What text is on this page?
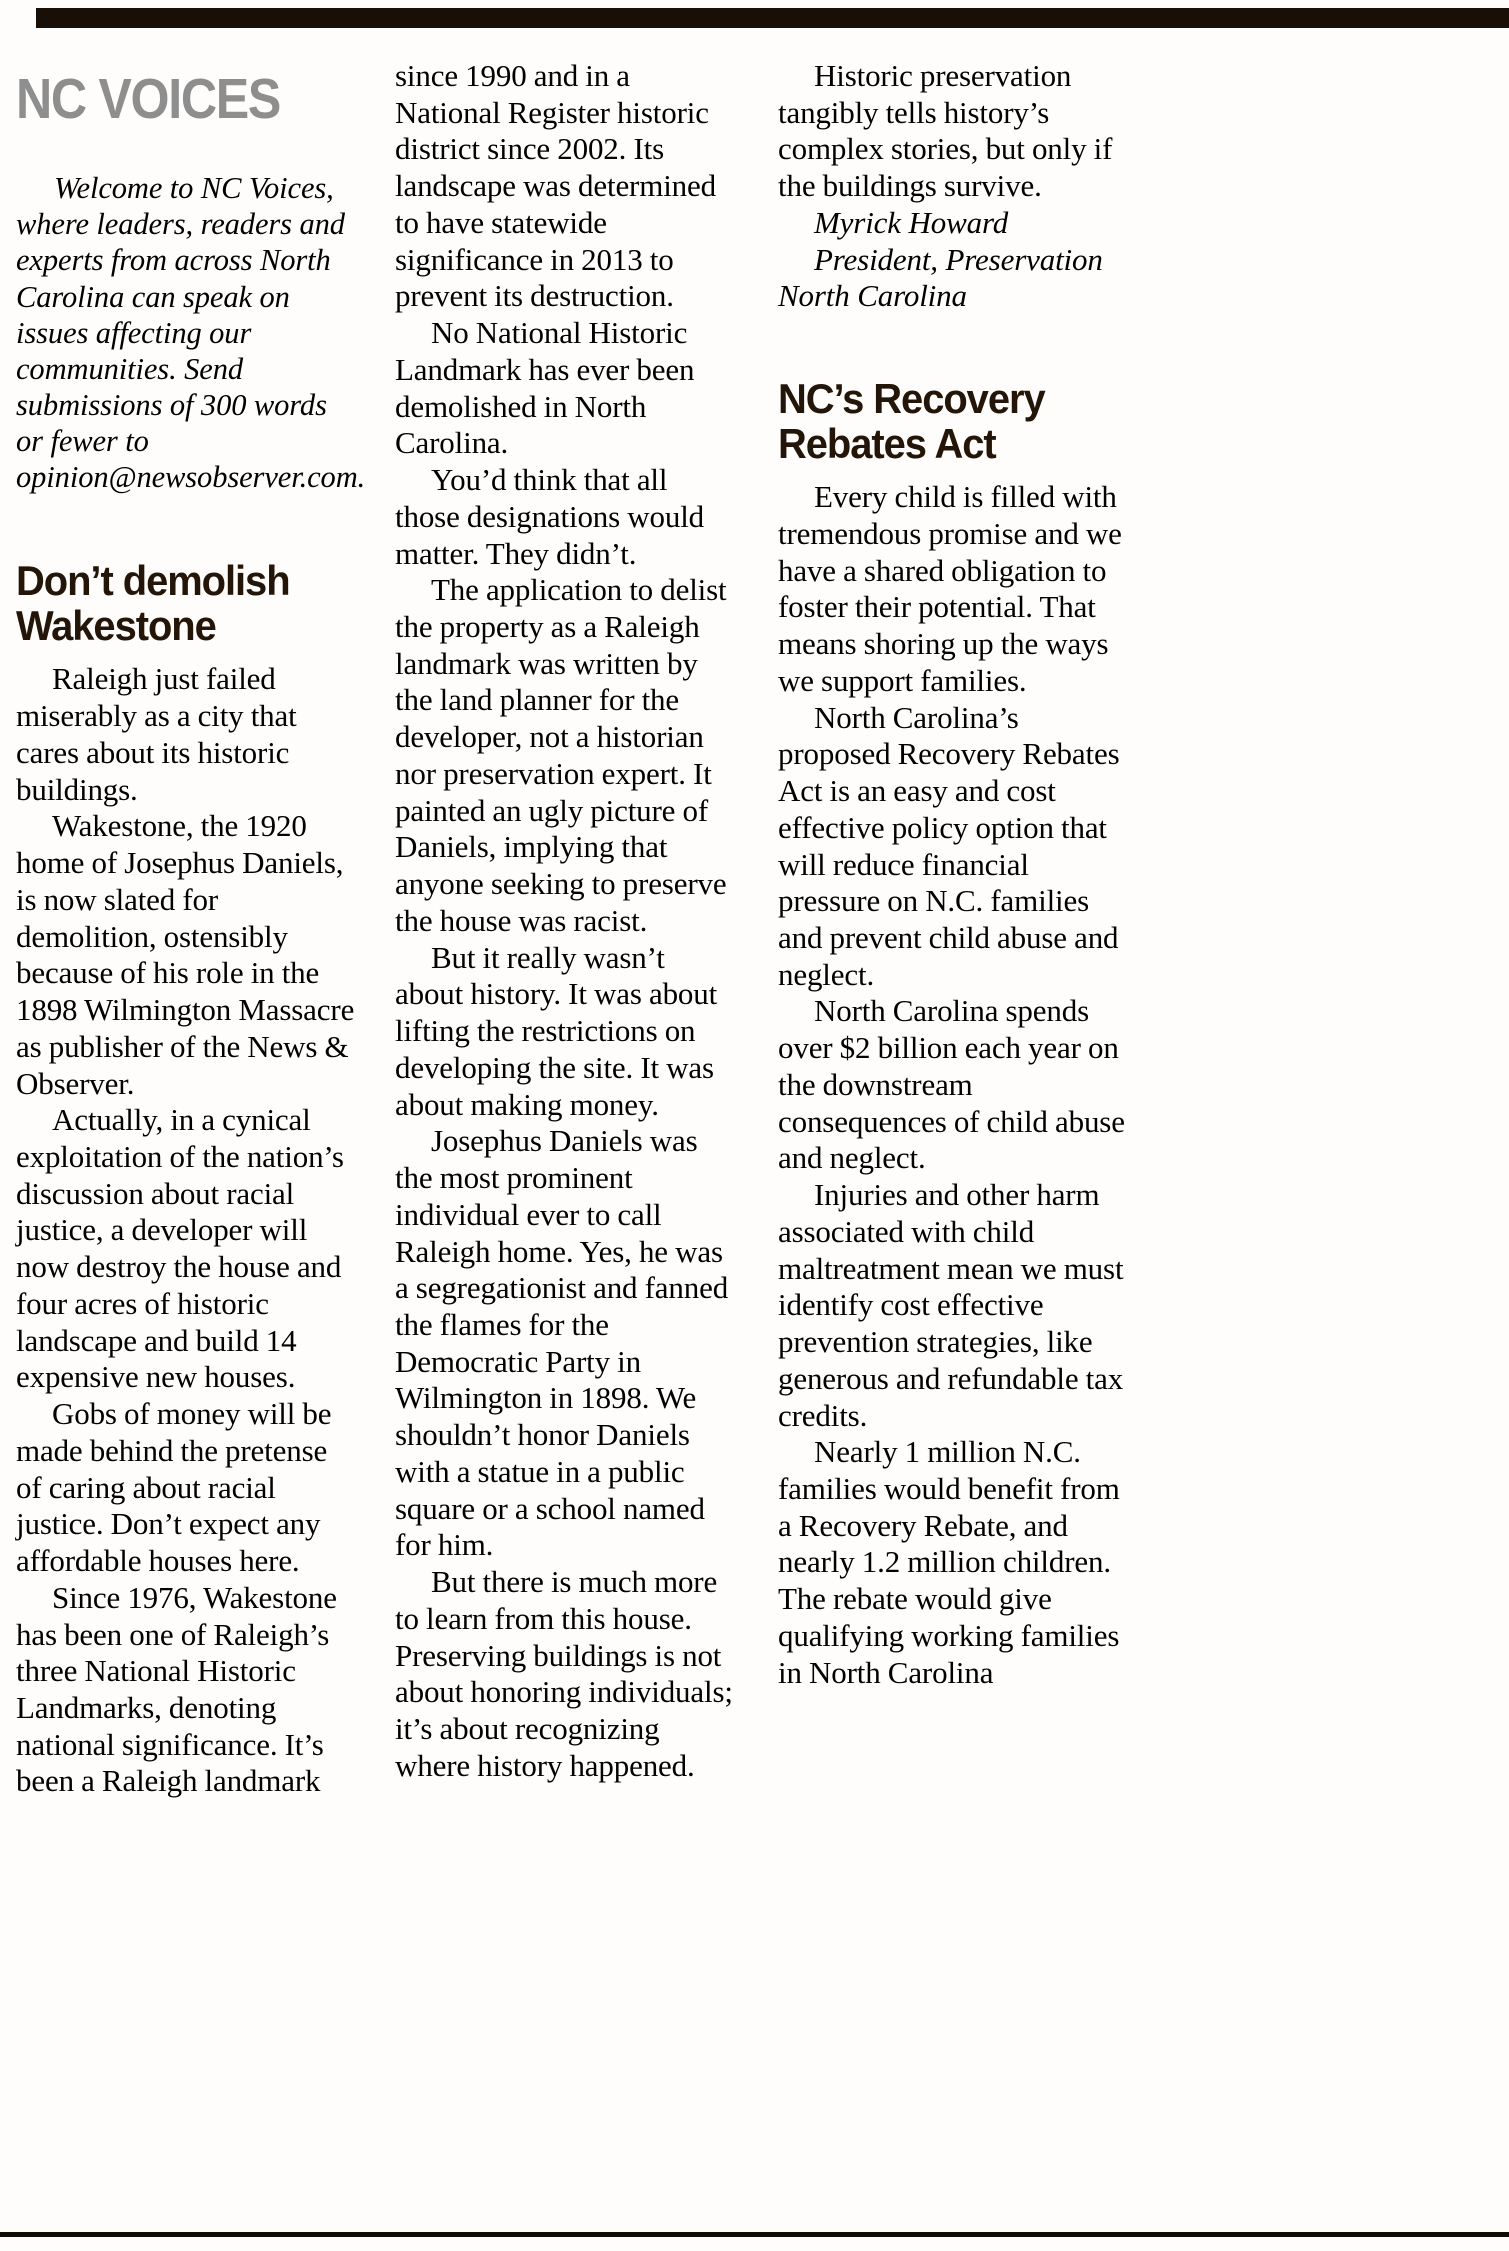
NC VOICES

Welcome to NC Voices, where leaders, readers and experts from across North Carolina can speak on issues affecting our communities. Send submissions of 300 words or fewer to opinion@newsobserver.com.

Don’t demolish Wakestone

Raleigh just failed miserably as a city that cares about its historic buildings.

Wakestone, the 1920 home of Josephus Daniels, is now slated for demolition, ostensibly because of his role in the 1898 Wilmington Massacre as publisher of the News & Observer.

Actually, in a cynical exploitation of the nation’s discussion about racial justice, a developer will now destroy the house and four acres of historic landscape and build 14 expensive new houses.

Gobs of money will be made behind the pretense of caring about racial justice. Don’t expect any affordable houses here.

Since 1976, Wakestone has been one of Raleigh’s three National Historic Landmarks, denoting national significance. It’s been a Raleigh landmark

since 1990 and in a National Register historic district since 2002. Its landscape was determined to have statewide significance in 2013 to prevent its destruction.

No National Historic Landmark has ever been demolished in North Carolina.

You’d think that all those designations would matter. They didn’t.

The application to delist the property as a Raleigh landmark was written by the land planner for the developer, not a historian nor preservation expert. It painted an ugly picture of Daniels, implying that anyone seeking to preserve the house was racist.

But it really wasn’t about history. It was about lifting the restrictions on developing the site. It was about making money.

Josephus Daniels was the most prominent individual ever to call Raleigh home. Yes, he was a segregationist and fanned the flames for the Democratic Party in Wilmington in 1898. We shouldn’t honor Daniels with a statue in a public square or a school named for him.

But there is much more to learn from this house. Preserving buildings is not about honoring individuals; it’s about recognizing where history happened.

Historic preservation tangibly tells history’s complex stories, but only if the buildings survive.

Myrick Howard

President, Preservation

North Carolina

NC’s Recovery Rebates Act

Every child is filled with tremendous promise and we have a shared obligation to foster their potential. That means shoring up the ways we support families.

North Carolina’s proposed Recovery Rebates Act is an easy and cost effective policy option that will reduce financial pressure on N.C. families and prevent child abuse and neglect.

North Carolina spends over $2 billion each year on the downstream consequences of child abuse and neglect.

Injuries and other harm associated with child maltreatment mean we must identify cost effective prevention strategies, like generous and refundable tax credits.

Nearly 1 million N.C. families would benefit from a Recovery Rebate, and nearly 1.2 million children. The rebate would give qualifying working families in North Carolina
